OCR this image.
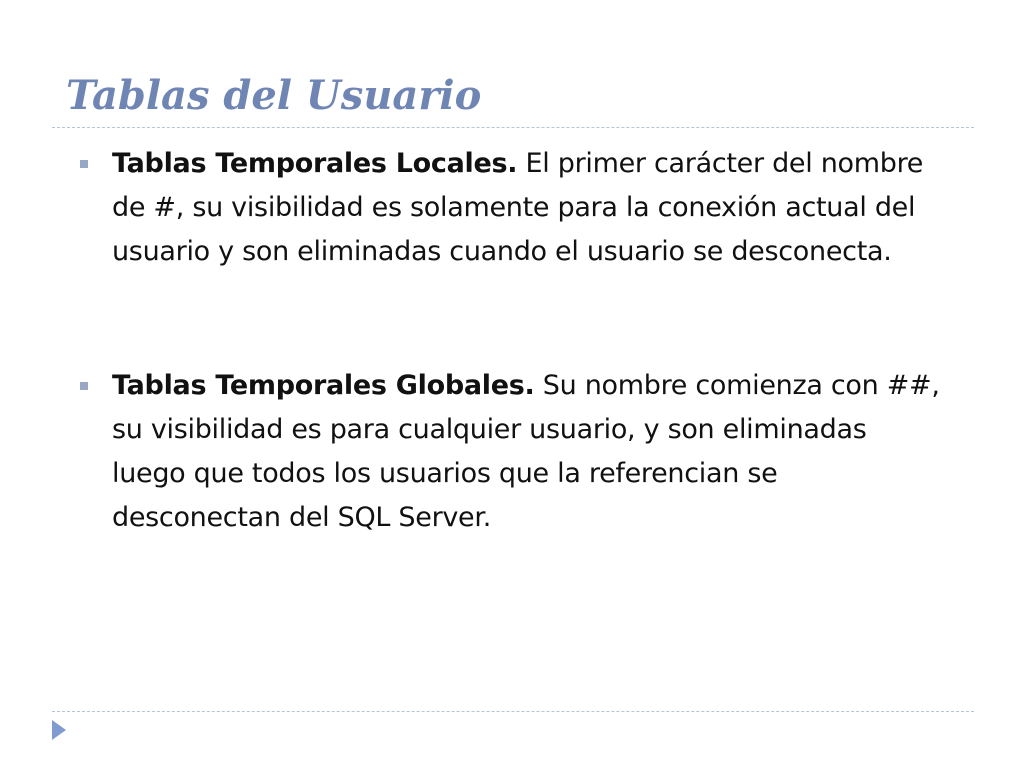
Tablas del Usuario

Tablas Temporales Locales. El primer carácter del nombre de #, su visibilidad es solamente para la conexión actual del usuario y son eliminadas cuando el usuario se desconecta.

Tablas Temporales Globales. Su nombre comienza con ##, su visibilidad es para cualquier usuario, y son eliminadas luego que todos los usuarios que la referencian se desconectan del SQL Server.
